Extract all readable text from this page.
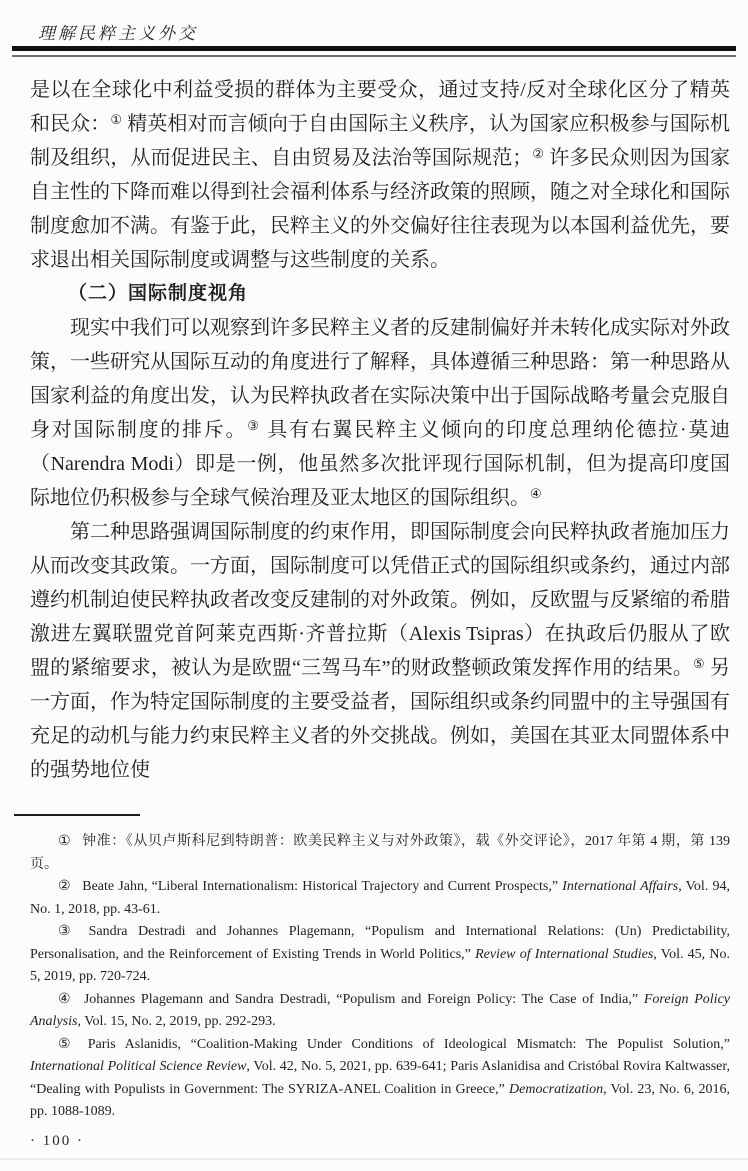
理解民粹主义外交

是以在全球化中利益受损的群体为主要受众，通过支持/反对全球化区分了精英和民众：① 精英相对而言倾向于自由国际主义秩序，认为国家应积极参与国际机制及组织，从而促进民主、自由贸易及法治等国际规范；② 许多民众则因为国家自主性的下降而难以得到社会福利体系与经济政策的照顾，随之对全球化和国际制度愈加不满。有鉴于此，民粹主义的外交偏好往往表现为以本国利益优先，要求退出相关国际制度或调整与这些制度的关系。

（二）国际制度视角

现实中我们可以观察到许多民粹主义者的反建制偏好并未转化成实际对外政策，一些研究从国际互动的角度进行了解释，具体遵循三种思路：第一种思路从国家利益的角度出发，认为民粹执政者在实际决策中出于国际战略考量会克服自身对国际制度的排斥。③ 具有右翼民粹主义倾向的印度总理纳伦德拉·莫迪（Narendra Modi）即是一例，他虽然多次批评现行国际机制，但为提高印度国际地位仍积极参与全球气候治理及亚太地区的国际组织。④

第二种思路强调国际制度的约束作用，即国际制度会向民粹执政者施加压力从而改变其政策。一方面，国际制度可以凭借正式的国际组织或条约，通过内部遵约机制迫使民粹执政者改变反建制的对外政策。例如，反欧盟与反紧缩的希腊激进左翼联盟党首阿莱克西斯·齐普拉斯（Alexis Tsipras）在执政后仍服从了欧盟的紧缩要求，被认为是欧盟“三驾马车”的财政整顿政策发挥作用的结果。⑤ 另一方面，作为特定国际制度的主要受益者，国际组织或条约同盟中的主导强国有充足的动机与能力约束民粹主义者的外交挑战。例如，美国在其亚太同盟体系中的强势地位使

① 钟准：《从贝卢斯科尼到特朗普：欧美民粹主义与对外政策》，载《外交评论》，2017 年第 4 期，第 139 页。

② Beate Jahn, “Liberal Internationalism: Historical Trajectory and Current Prospects,” International Affairs, Vol. 94, No. 1, 2018, pp. 43-61.

③ Sandra Destradi and Johannes Plagemann, “Populism and International Relations: (Un) Predictability, Personalisation, and the Reinforcement of Existing Trends in World Politics,” Review of International Studies, Vol. 45, No. 5, 2019, pp. 720-724.

④ Johannes Plagemann and Sandra Destradi, “Populism and Foreign Policy: The Case of India,” Foreign Policy Analysis, Vol. 15, No. 2, 2019, pp. 292-293.

⑤ Paris Aslanidis, “Coalition-Making Under Conditions of Ideological Mismatch: The Populist Solution,” International Political Science Review, Vol. 42, No. 5, 2021, pp. 639-641; Paris Aslanidisa and Cristóbal Rovira Kaltwasser, “Dealing with Populists in Government: The SYRIZA-ANEL Coalition in Greece,” Democratization, Vol. 23, No. 6, 2016, pp. 1088-1089.

· 100 ·
